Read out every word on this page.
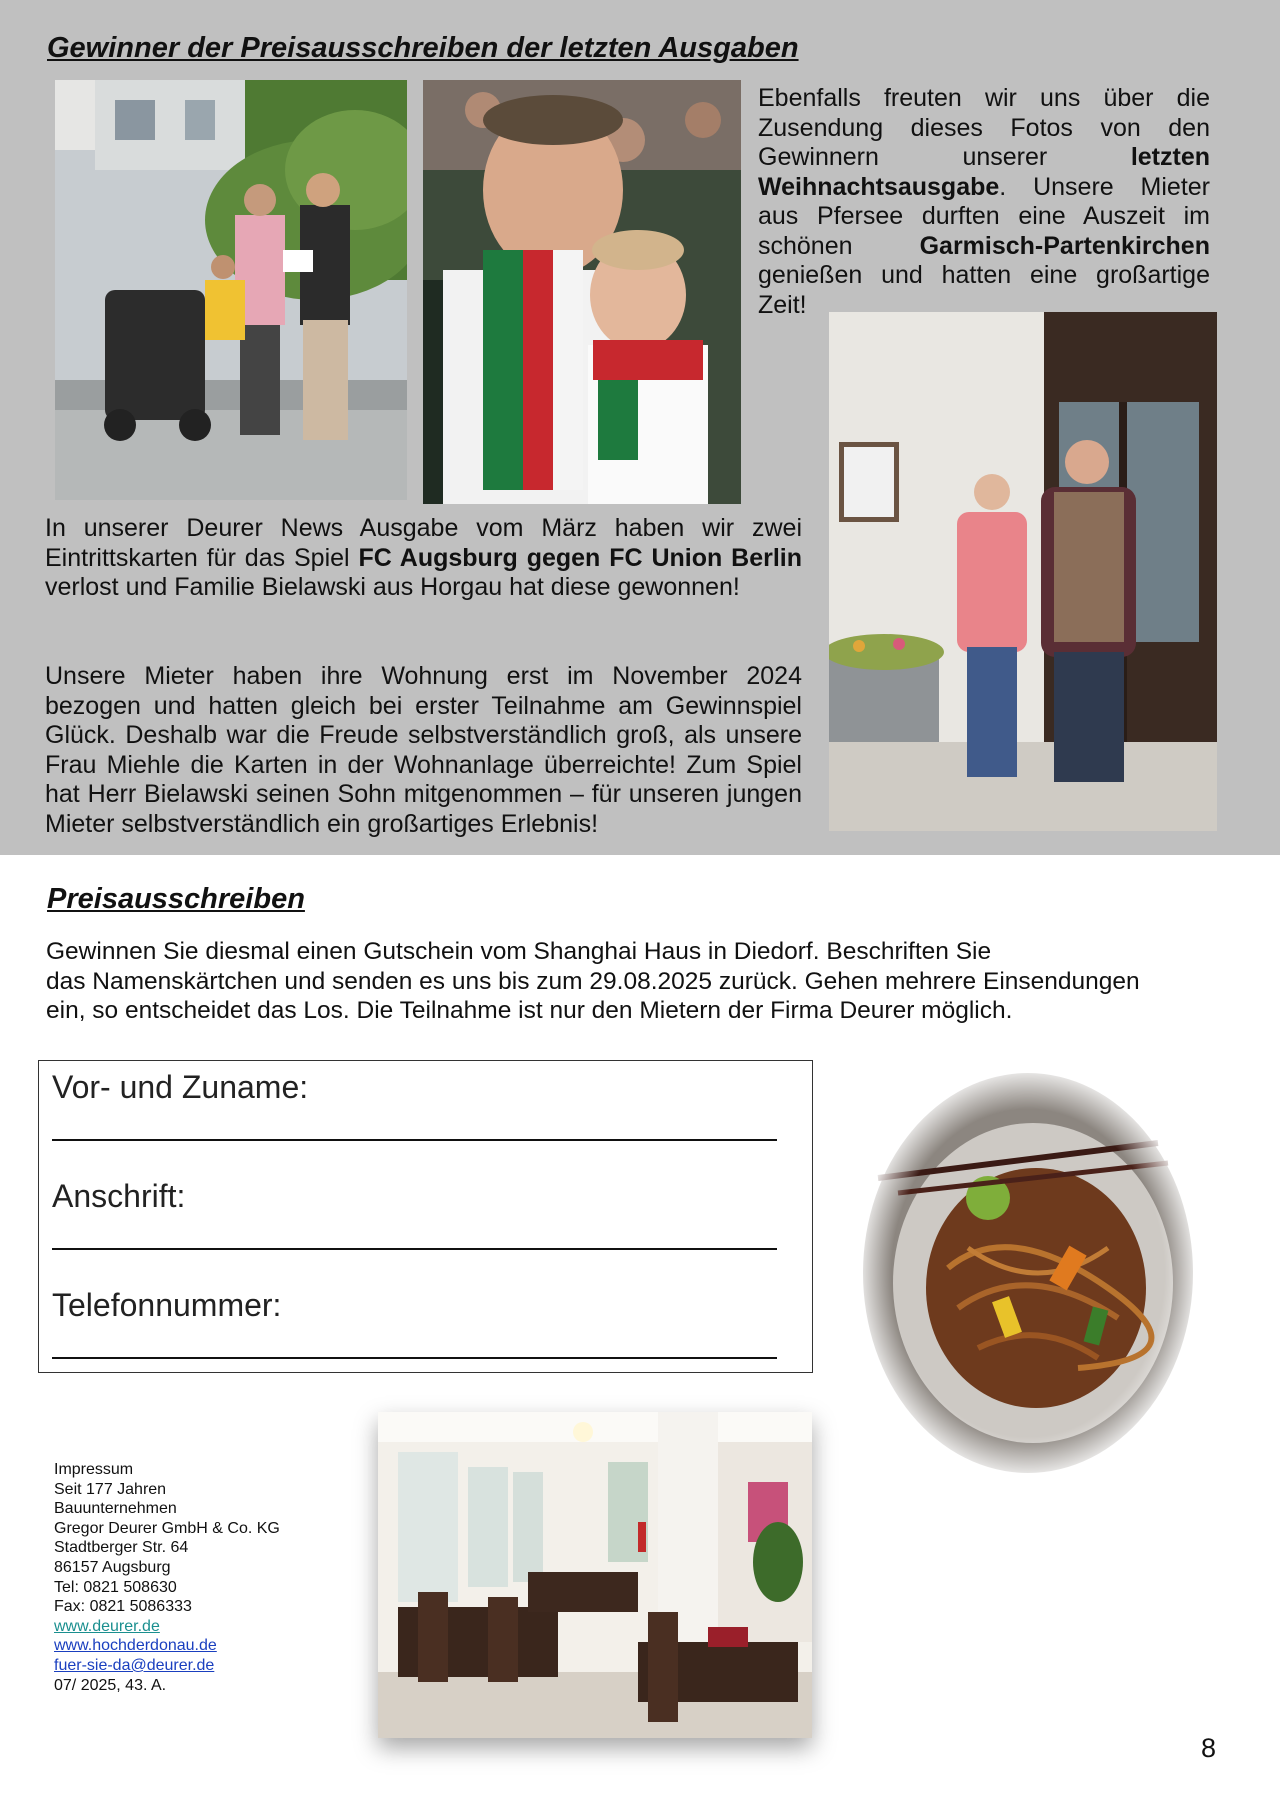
Gewinner der Preisausschreiben der letzten Ausgaben

Ebenfalls freuten wir uns über die Zusendung dieses Fotos von den Gewinnern unserer letzten Weihnachtsausgabe. Unsere Mieter aus Pfersee durften eine Auszeit im schönen Garmisch-Partenkirchen genießen und hatten eine großartige Zeit!

In unserer Deurer News Ausgabe vom März haben wir zwei Eintrittskarten für das Spiel FC Augsburg gegen FC Union Berlin verlost und Familie Bielawski aus Horgau hat diese gewonnen!

Unsere Mieter haben ihre Wohnung erst im November 2024 bezogen und hatten gleich bei erster Teilnahme am Gewinnspiel Glück. Deshalb war die Freude selbstverständlich groß, als unsere Frau Miehle die Karten in der Wohnanlage überreichte! Zum Spiel hat Herr Bielawski seinen Sohn mitgenommen – für unseren jungen Mieter selbstverständlich ein großartiges Erlebnis!

Preisausschreiben
Gewinnen Sie diesmal einen Gutschein vom Shanghai Haus in Diedorf. Beschriften Sie
das Namenskärtchen und senden es uns bis zum 29.08.2025 zurück. Gehen mehrere Einsendungen
ein, so entscheidet das Los. Die Teilnahme ist nur den Mietern der Firma Deurer möglich.
Vor- und Zuname:
Anschrift:
Telefonnummer:
Impressum
Seit 177 Jahren
Bauunternehmen
Gregor Deurer GmbH & Co. KG
Stadtberger Str. 64
86157 Augsburg
Tel: 0821 508630
Fax: 0821 5086333
www.deurer.de
www.hochderdonau.de
fuer-sie-da@deurer.de
07/ 2025, 43. A.
8
